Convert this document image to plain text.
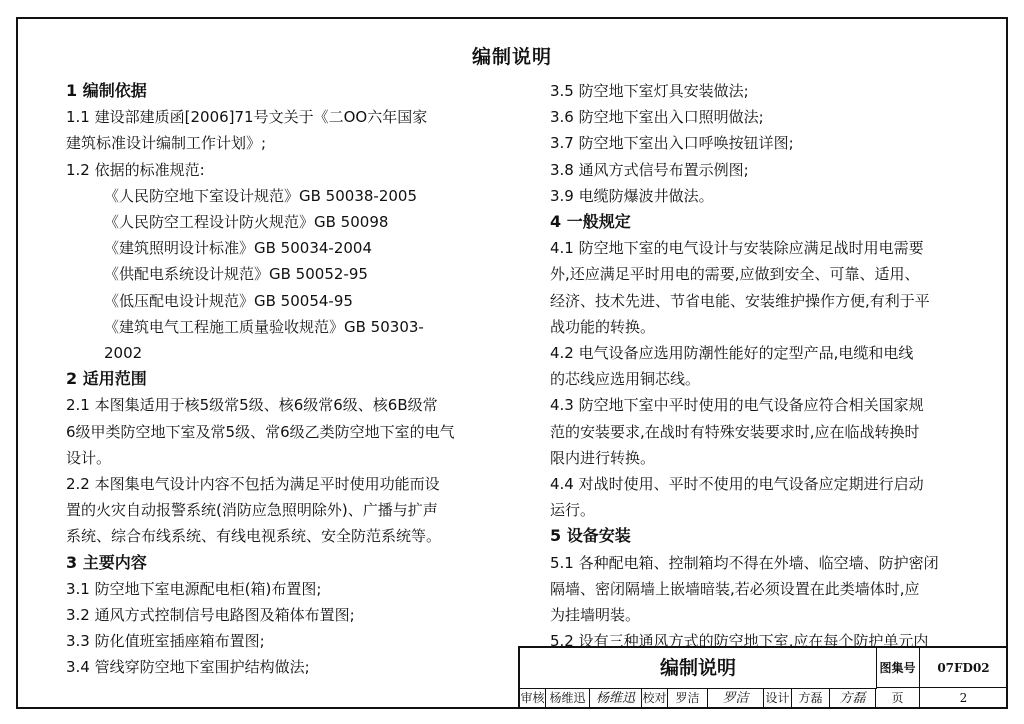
编制说明
1 编制依据
1.1 建设部建质函[2006]71号文关于《二OO六年国家
建筑标准设计编制工作计划》;
1.2 依据的标准规范:
《人民防空地下室设计规范》GB 50038-2005
《人民防空工程设计防火规范》GB 50098
《建筑照明设计标准》GB 50034-2004
《供配电系统设计规范》GB 50052-95
《低压配电设计规范》GB 50054-95
《建筑电气工程施工质量验收规范》GB 50303-
2002
2 适用范围
2.1 本图集适用于核5级常5级、核6级常6级、核6B级常
6级甲类防空地下室及常5级、常6级乙类防空地下室的电气
设计。
2.2 本图集电气设计内容不包括为满足平时使用功能而设
置的火灾自动报警系统(消防应急照明除外)、广播与扩声
系统、综合布线系统、有线电视系统、安全防范系统等。
3 主要内容
3.1 防空地下室电源配电柜(箱)布置图;
3.2 通风方式控制信号电路图及箱体布置图;
3.3 防化值班室插座箱布置图;
3.4 管线穿防空地下室围护结构做法;
3.5 防空地下室灯具安装做法;
3.6 防空地下室出入口照明做法;
3.7 防空地下室出入口呼唤按钮详图;
3.8 通风方式信号布置示例图;
3.9 电缆防爆波井做法。
4 一般规定
4.1 防空地下室的电气设计与安装除应满足战时用电需要
外,还应满足平时用电的需要,应做到安全、可靠、适用、
经济、技术先进、节省电能、安装维护操作方便,有利于平
战功能的转换。
4.2 电气设备应选用防潮性能好的定型产品,电缆和电线
的芯线应选用铜芯线。
4.3 防空地下室中平时使用的电气设备应符合相关国家规
范的安装要求,在战时有特殊安装要求时,应在临战转换时
限内进行转换。
4.4 对战时使用、平时不使用的电气设备应定期进行启动
运行。
5 设备安装
5.1 各种配电箱、控制箱均不得在外墙、临空墙、防护密闭
隔墙、密闭隔墙上嵌墙暗装,若必须设置在此类墙体时,应
为挂墙明装。
5.2 设有三种通风方式的防空地下室,应在每个防护单元内
编制说明	图集号	07FD02
审核 杨维迅 杨维迅 校对 罗洁	罗洁	设计 方磊	方磊	页	2
